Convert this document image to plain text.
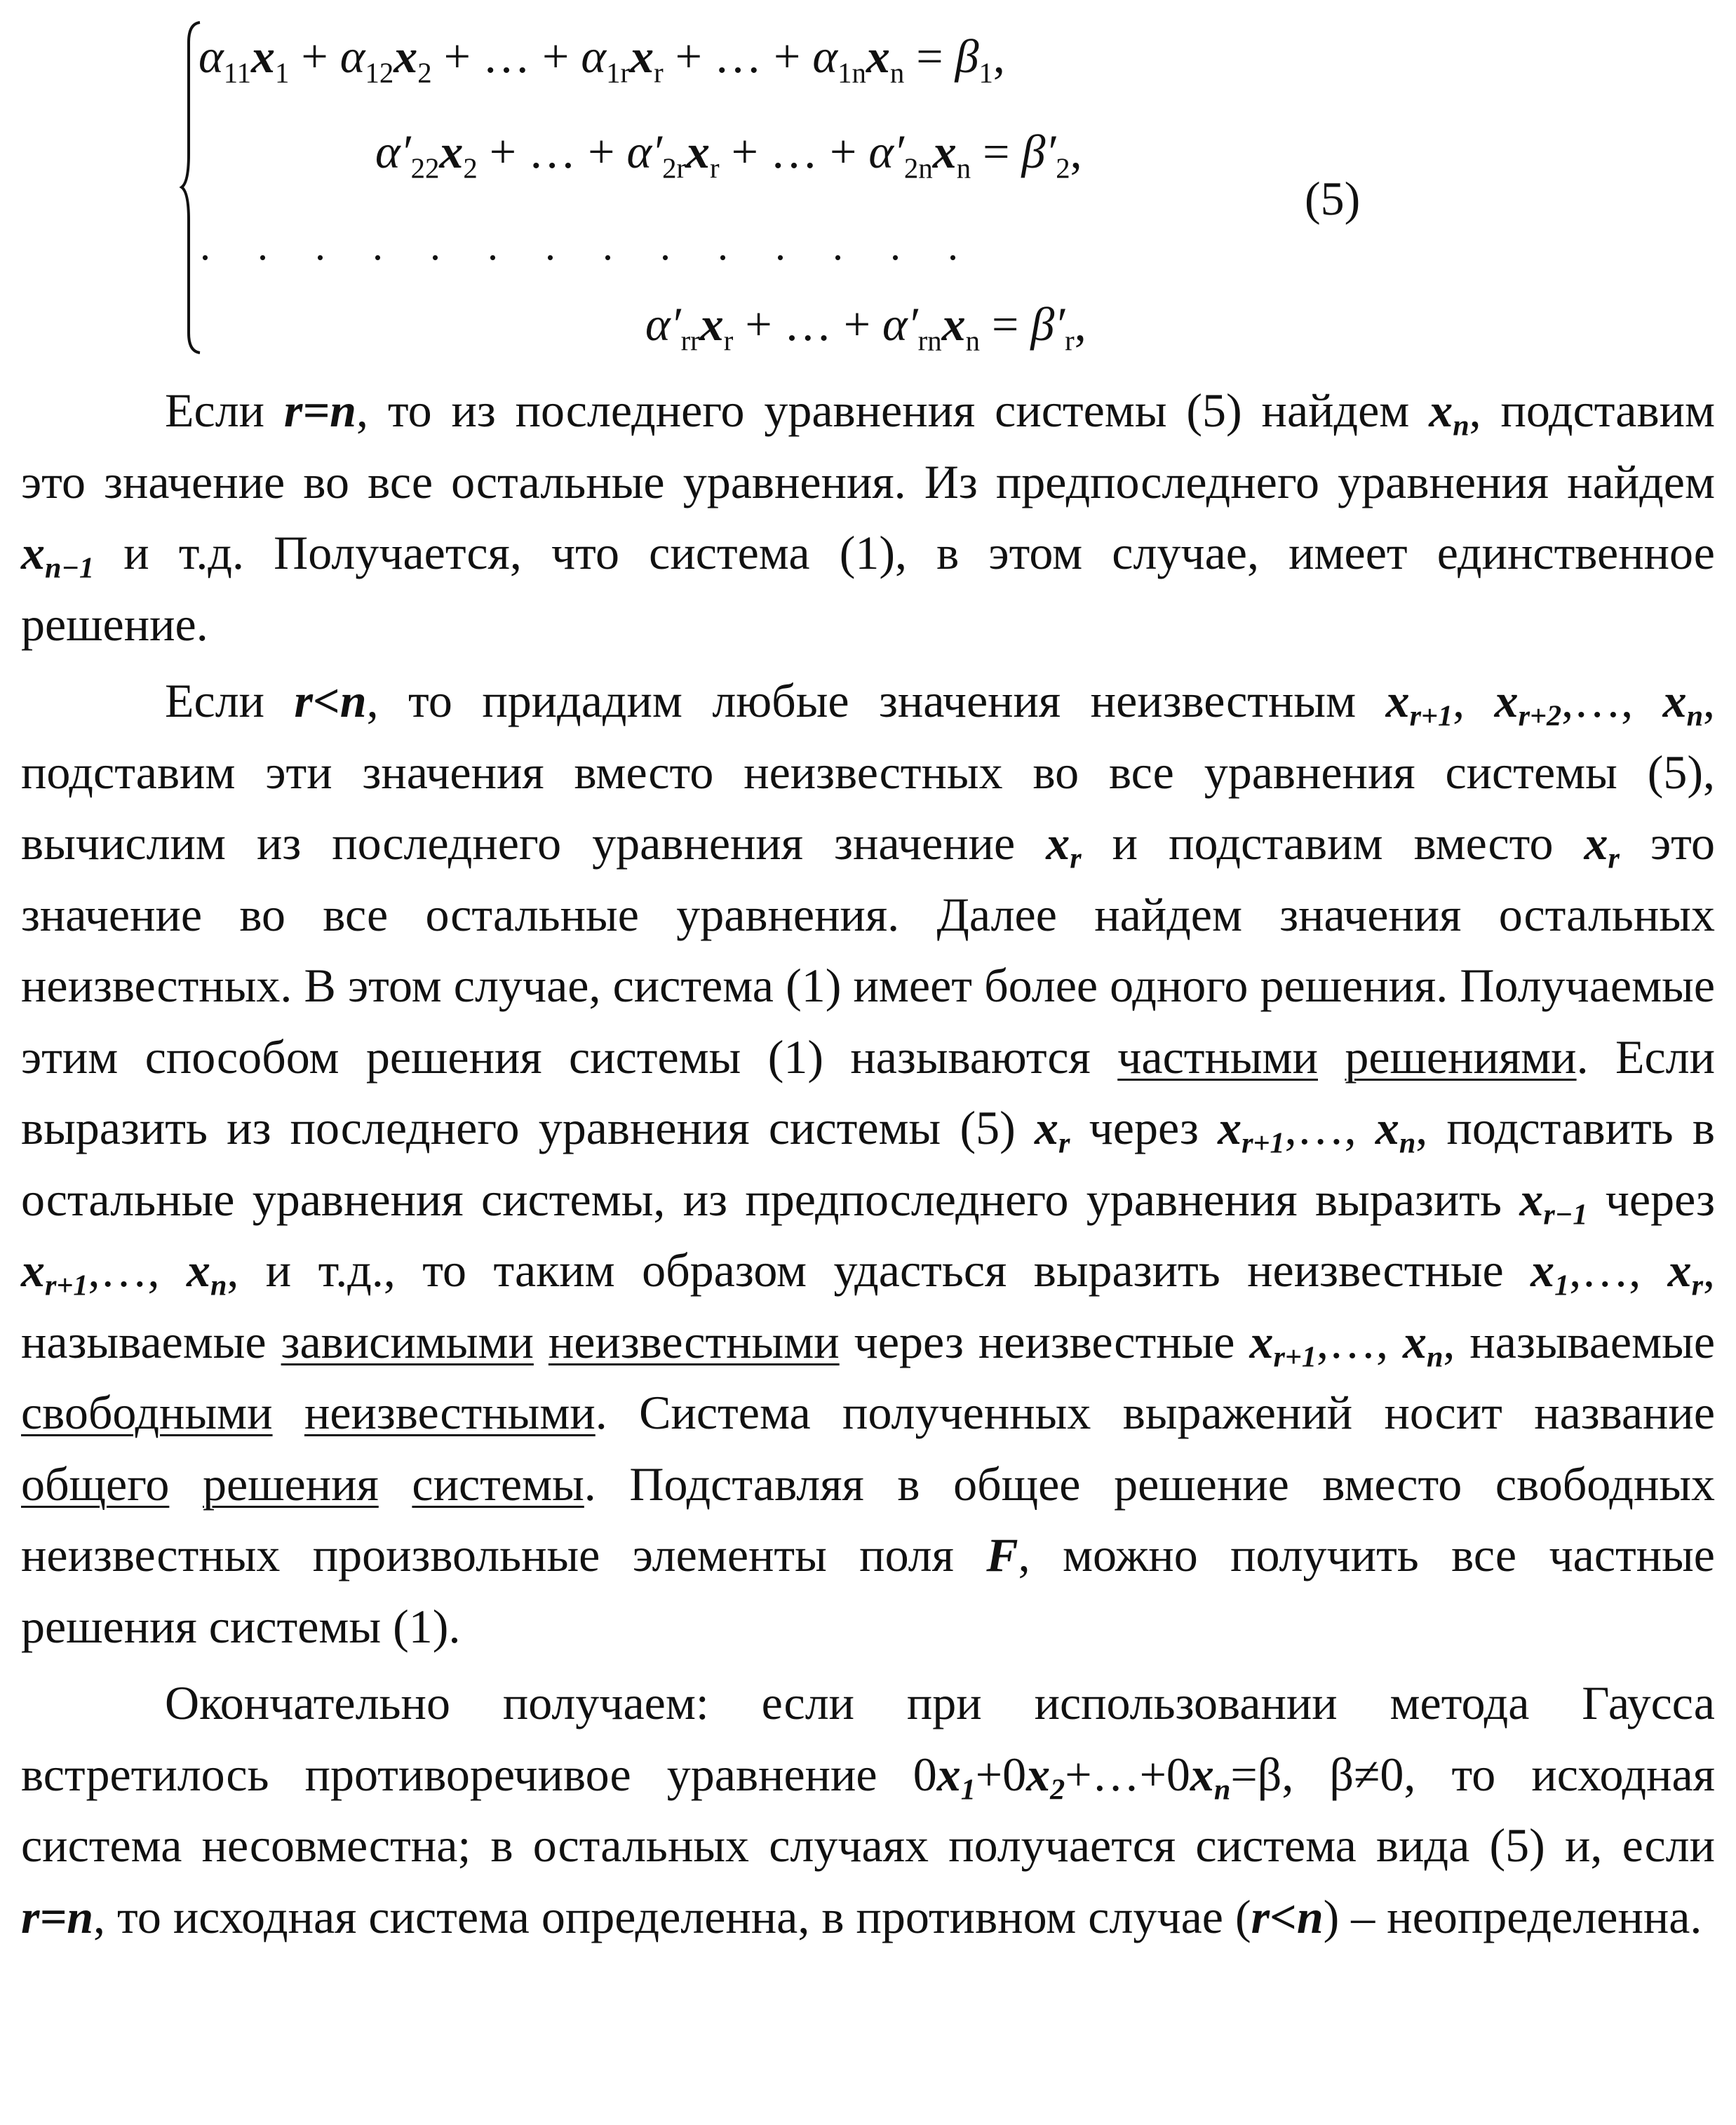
$\alpha_{11}x_1 + \alpha_{12}x_2$ + … + $\alpha_{1r}x_r$ + … + $\alpha_{1n}x_n = \beta_1$,
$\alpha'_{22}x_2$ + … + $\alpha'_{2r}x_r$ + … + $\alpha'_{2n}x_n = \beta'_2$,
. . . . . . . . . . . . . .
$\alpha'_{rr}x_r$ + … + $\alpha'_{rn}x_n = \beta'_r$,
(5)

Если r=n, то из последнего уравнения системы (5) найдем $x_n$, подставим это значение во все остальные уравнения. Из предпоследнего уравнения найдем $x_{n-1}$ и т.д. Получается, что система (1), в этом случае, имеет единственное решение.

Если r<n, то придадим любые значения неизвестным $x_{r+1}$, $x_{r+2},\dots$, $x_n$, подставим эти значения вместо неизвестных во все уравнения системы (5), вычислим из последнего уравнения значение $x_r$ и подставим вместо $x_r$ это значение во все остальные уравнения. Далее найдем значения остальных неизвестных. В этом случае, система (1) имеет более одного решения. Получаемые этим способом решения системы (1) называются частными решениями. Если выразить из последнего уравнения системы (5) $x_r$ через $x_{r+1},\dots$, $x_n$, подставить в остальные уравнения системы, из предпоследнего уравнения выразить $x_{r-1}$ через $x_{r+1},\dots$, $x_n$, и т.д., то таким образом удасться выразить неизвестные $x_1,\dots$, $x_r$, называемые зависимыми неизвестными через неизвестные $x_{r+1},\dots$, $x_n$, называемые свободными неизвестными. Система полученных выражений носит название общего решения системы. Подставляя в общее решение вместо свободных неизвестных произвольные элементы поля F, можно получить все частные решения системы (1).

Окончательно получаем: если при использовании метода Гаусса встретилось противоречивое уравнение $0x_1+0x_2+\dots+0x_n=\beta$, β≠0, то исходная система несовместна; в остальных случаях получается система вида (5) и, если r=n, то исходная система определенна, в противном случае (r<n) – неопределенна.
